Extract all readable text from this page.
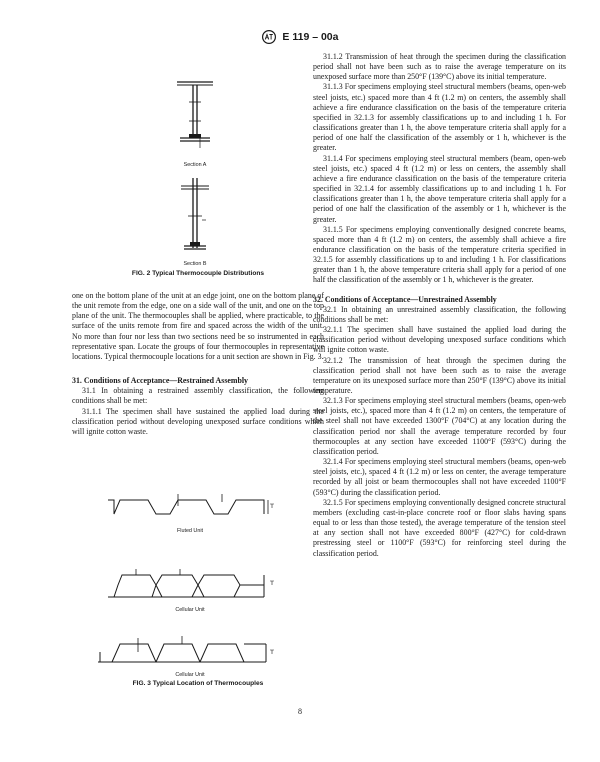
E 119 – 00a
Section A
Section B
FIG. 2 Typical Thermocouple Distributions

one on the bottom plane of the unit at an edge joint, one on the bottom plane of the unit remote from the edge, one on a side wall of the unit, and one on the top plane of the unit. The thermocouples shall be applied, where practicable, to the surface of the units remote from fire and spaced across the width of the unit. No more than four nor less than two sections need be so instrumented in each representative span. Locate the groups of four thermocouples in representative locations. Typical thermocouple locations for a unit section are shown in Fig. 3.

31. Conditions of Acceptance—Restrained Assembly

31.1 In obtaining a restrained assembly classification, the following conditions shall be met:

31.1.1 The specimen shall have sustained the applied load during the classification period without developing unexposed surface conditions which will ignite cotton waste.

Fluted Unit
Cellular Unit
Cellular Unit
FIG. 3 Typical Location of Thermocouples

31.1.2 Transmission of heat through the specimen during the classification period shall not have been such as to raise the average temperature on its unexposed surface more than 250°F (139°C) above its initial temperature.

31.1.3 For specimens employing steel structural members (beams, open-web steel joists, etc.) spaced more than 4 ft (1.2 m) on centers, the assembly shall achieve a fire endurance classification on the basis of the temperature criteria specified in 32.1.3 for assembly classifications up to and including 1 h. For classifications greater than 1 h, the above temperature criteria shall apply for a period of one half the classification of the assembly or 1 h, whichever is the greater.

31.1.4 For specimens employing steel structural members (beam, open-web steel joists, etc.) spaced 4 ft (1.2 m) or less on centers, the assembly shall achieve a fire endurance classification on the basis of the temperature criteria specified in 32.1.4 for assembly classifications up to and including 1 h. For classifications greater than 1 h, the above temperature criteria shall apply for a period of one half the classification of the assembly or 1 h, whichever is the greater.

31.1.5 For specimens employing conventionally designed concrete beams, spaced more than 4 ft (1.2 m) on centers, the assembly shall achieve a fire endurance classification on the basis of the temperature criteria specified in 32.1.5 for assembly classifications up to and including 1 h. For classifications greater than 1 h, the above temperature criteria shall apply for a period of one half the classification of the assembly or 1 h, whichever is the greater.

32. Conditions of Acceptance—Unrestrained Assembly

32.1 In obtaining an unrestrained assembly classification, the following conditions shall be met:

32.1.1 The specimen shall have sustained the applied load during the classification period without developing unexposed surface conditions which will ignite cotton waste.

32.1.2 The transmission of heat through the specimen during the classification period shall not have been such as to raise the average temperature on its unexposed surface more than 250°F (139°C) above its initial temperature.

32.1.3 For specimens employing steel structural members (beams, open-web steel joists, etc.), spaced more than 4 ft (1.2 m) on centers, the temperature of the steel shall not have exceeded 1300°F (704°C) at any location during the classification period nor shall the average temperature recorded by four thermocouples at any section have exceeded 1100°F (593°C) during the classification period.

32.1.4 For specimens employing steel structural members (beams, open-web steel joists, etc.), spaced 4 ft (1.2 m) or less on center, the average temperature recorded by all joist or beam thermocouples shall not have exceeded 1100°F (593°C) during the classification period.

32.1.5 For specimens employing conventionally designed concrete structural members (excluding cast-in-place concrete roof or floor slabs having spans equal to or less than those tested), the average temperature of the tension steel at any section shall not have exceeded 800°F (427°C) for cold-drawn prestressing steel or 1100°F (593°C) for reinforcing steel during the classification period.

8
